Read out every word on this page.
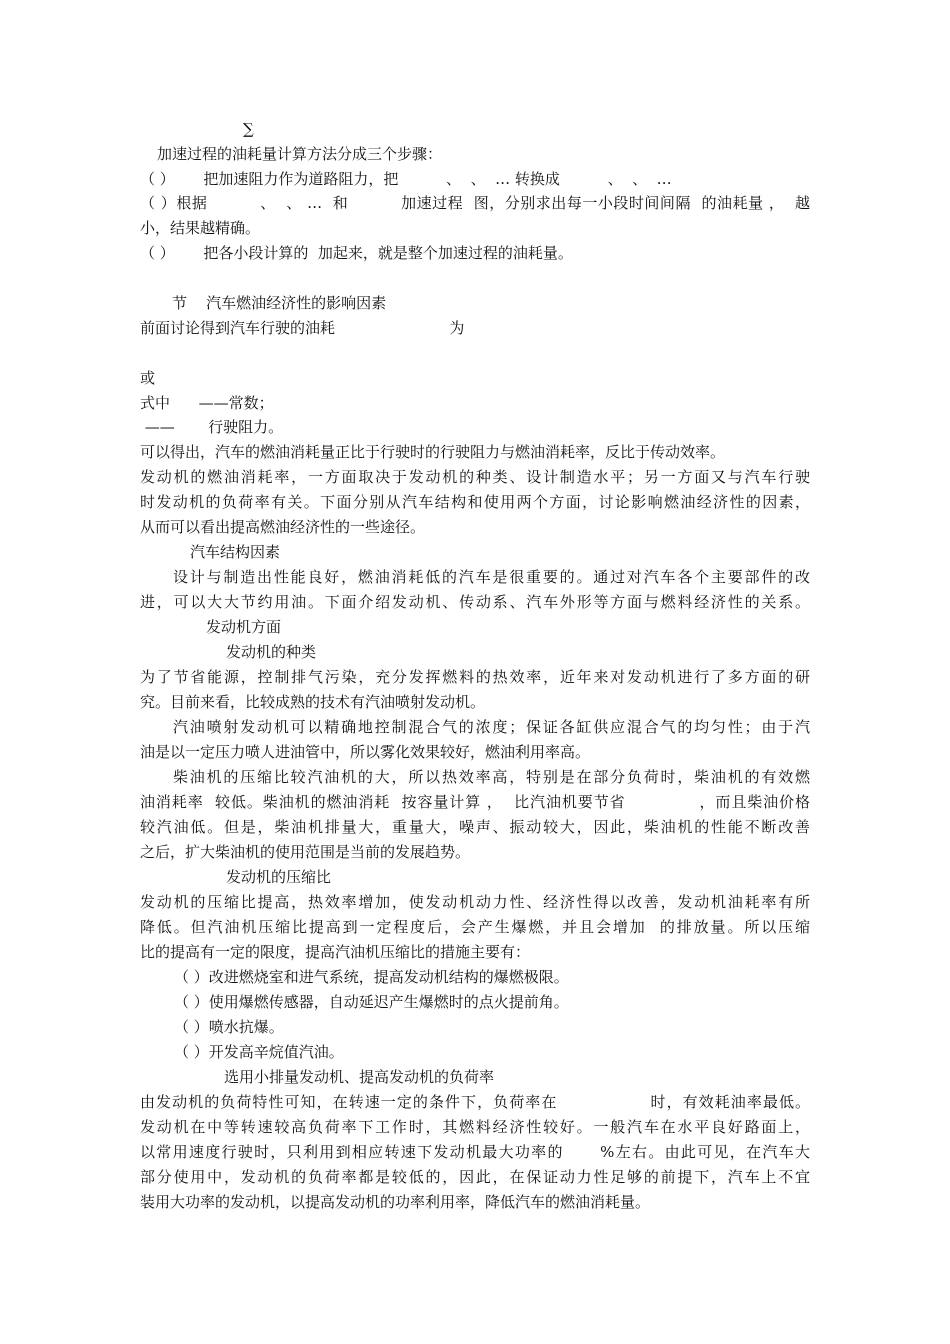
∑

加速过程的油耗量计算方法分成三个步骤：

（ ）      把加速阻力作为道路阻力，把          、  、  … 转换成          、  、  …

（ ）根据          、  、 …  和          加速过程  图，分别求出每一小段时间间隔  的油耗量 ，  越

小，结果越精确。

（ ）      把各小段计算的  加起来，就是整个加速过程的油耗量。

节    汽车燃油经济性的影响因素

前面讨论得到汽车行驶的油耗                        为

或

式中      ——常数；

——       行驶阻力。

可以得出，汽车的燃油消耗量正比于行驶时的行驶阻力与燃油消耗率，反比于传动效率。

发动机的燃油消耗率，一方面取决于发动机的种类、设计制造水平；另一方面又与汽车行驶

时发动机的负荷率有关。下面分别从汽车结构和使用两个方面，讨论影响燃油经济性的因素，

从而可以看出提高燃油经济性的一些途径。

汽车结构因素

设计与制造出性能良好，燃油消耗低的汽车是很重要的。通过对汽车各个主要部件的改

进，可以大大节约用油。下面介绍发动机、传动系、汽车外形等方面与燃料经济性的关系。

发动机方面

发动机的种类

为了节省能源，控制排气污染，充分发挥燃料的热效率，近年来对发动机进行了多方面的研

究。目前来看，比较成熟的技术有汽油喷射发动机。

汽油喷射发动机可以精确地控制混合气的浓度；保证各缸供应混合气的均匀性；由于汽

油是以一定压力喷人进油管中，所以雾化效果较好，燃油利用率高。

柴油机的压缩比较汽油机的大，所以热效率高，特别是在部分负荷时，柴油机的有效燃

油消耗率  较低。柴油机的燃油消耗  按容量计算 ，  比汽油机要节省             ，而且柴油价格

较汽油低。但是，柴油机排量大，重量大，噪声、振动较大，因此，柴油机的性能不断改善

之后，扩大柴油机的使用范围是当前的发展趋势。

发动机的压缩比

发动机的压缩比提高，热效率增加，使发动机动力性、经济性得以改善，发动机油耗率有所

降低。但汽油机压缩比提高到一定程度后，会产生爆燃，并且会增加  的排放量。所以压缩

比的提高有一定的限度，提高汽油机压缩比的措施主要有：

（ ）改进燃烧室和进气系统，提高发动机结构的爆燃极限。

（ ）使用爆燃传感器，自动延迟产生爆燃时的点火提前角。

（ ）喷水抗爆。

（ ）开发高辛烷值汽油。

选用小排量发动机、提高发动机的负荷率

由发动机的负荷特性可知，在转速一定的条件下，负荷率在                时，有效耗油率最低。

发动机在中等转速较高负荷率下工作时，其燃料经济性较好。一般汽车在水平良好路面上，

以常用速度行驶时，只利用到相应转速下发动机最大功率的      %左右。由此可见，在汽车大

部分使用中，发动机的负荷率都是较低的，因此，在保证动力性足够的前提下，汽车上不宜

装用大功率的发动机，以提高发动机的功率利用率，降低汽车的燃油消耗量。
